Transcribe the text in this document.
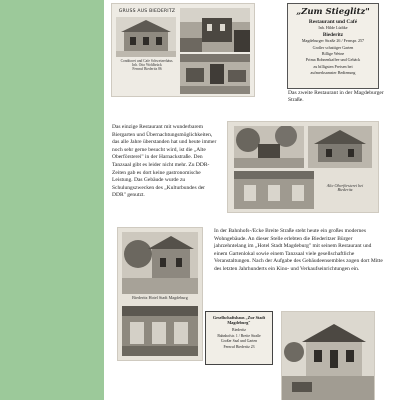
GRUSS AUS BIEDERITZ
Conditorei und Cafe Schweizerhäus.
Inh. Otto Wohlbrück
Fernruf Biederitz 86
„Zum Stieglitz"
Restaurant und Café
Inh. Hilde Lüdtke
Biederitz
Magdeburger Straße 26 / Fernspr. 257
Großer schattiger Garten
Billige Weine
Prima Bohnenkaffee und Gebäck
zu billigsten Preisen bei
aufmerksamster Bedienung

Das zweite Restaurant in der Magdeburger Straße.

Das einzige Restaurant mit wunderbarem Biergarten und Übernachtungsmöglichkeiten, das alle Jahre überstanden hat und heute immer noch sehr gerne besucht wird, ist die „Alte Oberförsterei" in der Harnackstraße. Den Tanzsaal gibt es leider nicht mehr. Zu DDR-Zeiten gab es dort keine gastronomische Leistung. Das Gebäude wurde zu Schulungszwecken des „Kulturbundes der DDR" genutzt.

Alte Oberförsterei bei Biederitz
Biederitz Hotel Stadt Magdeburg

In der Bahnhofs-/Ecke Breite Straße steht heute ein großes modernes Wohngebäude. An dieser Stelle erlebten die Biederitzer Bürger jahrzehntelang im „Hotel Stadt Magdeburg" mit seinem Restaurant und einem Gartenlokal sowie einem Tanzsaal viele gesellschaftliche Veranstaltungen. Nach der Aufgabe des Gebäudeensembles zogen dort Mitte des letzten Jahrhunderts ein Kino- und Verkaufseinrichtungen ein.

Gesellschaftshaus „Zur Stadt Magdeburg"
Biederitz
Bahnhofstr. 1 / Breite Straße
Großer Saal und Garten
Fernruf Biederitz 23
